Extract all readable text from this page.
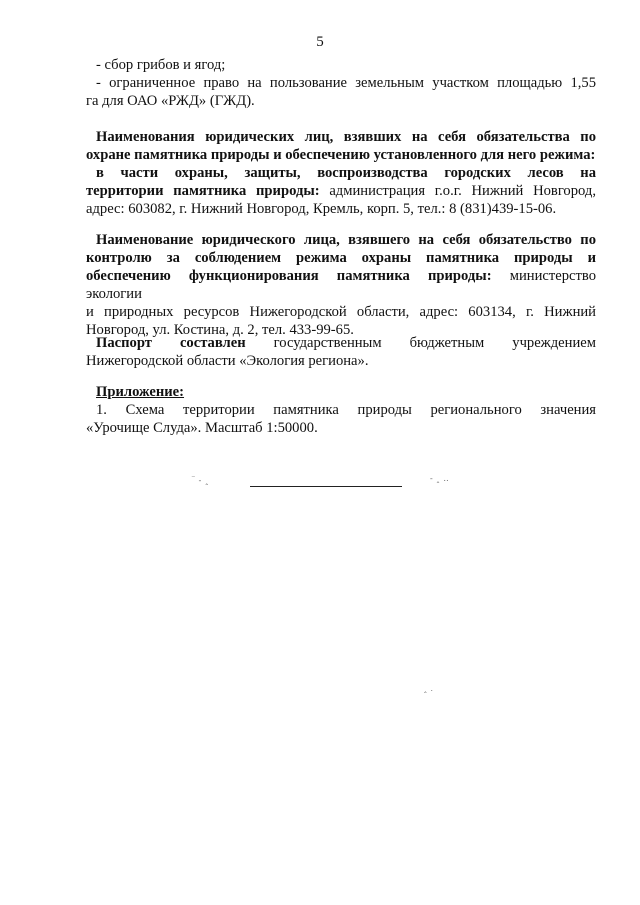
5

- сбор грибов и ягод;

- ограниченное право на пользование земельным участком площадью 1,55

га для ОАО «РЖД» (ГЖД).

Наименования юридических лиц, взявших на себя обязательства по

охране памятника природы и обеспечению установленного для него режима:

в части охраны, защиты, воспроизводства городских лесов на

территории памятника природы: администрация г.о.г. Нижний Новгород,

адрес: 603082, г. Нижний Новгород, Кремль, корп. 5, тел.: 8 (831)439-15-06.

Наименование юридического лица, взявшего на себя обязательство по

контролю за соблюдением режима охраны памятника природы и

обеспечению функционирования памятника природы: министерство экологии

и природных ресурсов Нижегородской области, адрес: 603134, г. Нижний

Новгород, ул. Костина, д. 2, тел. 433-99-65.

Паспорт составлен государственным бюджетным учреждением

Нижегородской области «Экология региона».

Приложение:

1. Схема территории памятника природы регионального значения

«Урочище Слуда». Масштаб 1:50000.

‾ ‐ ‸	‐ ‸ ‥
‸ .
